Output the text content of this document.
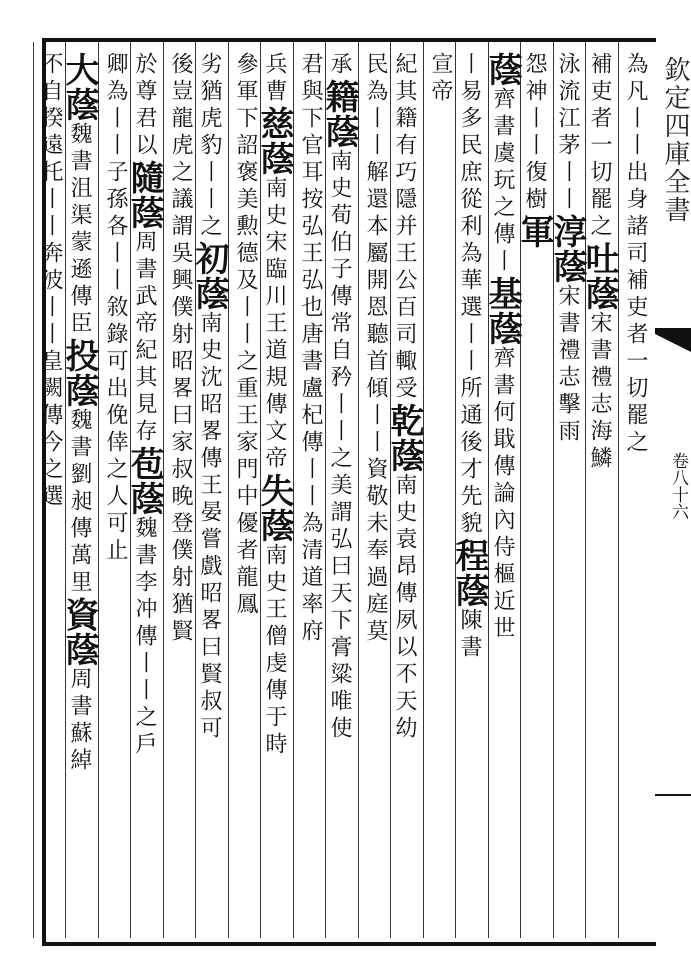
欽定四庫全書
卷八十六
為凡丨丨出身諸司補吏者一切罷之
補吏者一切罷之吐蔭宋書禮志海鱗
泳流江茅丨丨淳蔭宋書禮志擊雨
怨神丨丨復樹軍
蔭齊書虞玩之傳丨基蔭齊書何戢傳論內侍樞近世
丨易多民庶從利為華選丨丨所通後才先貌程蔭陳書
宣帝
紀其籍有巧隱并王公百司輙受乾蔭南史袁昂傳夙以不天幼
民為丨丨解還本屬開恩聽首傾丨丨資敬未奉過庭莫
承籍蔭南史荀伯子傳常自矜丨丨之美謂弘曰天下膏粱唯使
君與下官耳按弘王弘也唐書盧杞傳丨丨為清道率府
兵曹慈蔭南史宋臨川王道規傳文帝失蔭南史王僧虔傳于時
參軍下詔褒美勲德及丨丨之重王家門中優者龍鳳
劣猶虎豹丨丨之初蔭南史沈昭畧傳王晏嘗戲昭畧曰賢叔可
後豈龍虎之議謂吳興僕射昭畧曰家叔晚登僕射猶賢
於尊君以隨蔭周書武帝紀其見存苞蔭魏書李冲傳丨丨之戶
卿為丨丨子孫各丨丨敘錄可出俛倖之人可止
大蔭魏書沮渠蒙遜傳臣投蔭魏書劉昶傳萬里資蔭周書蘇綽
不自揆遠托丨丨奔波丨丨皇闕傳今之選
